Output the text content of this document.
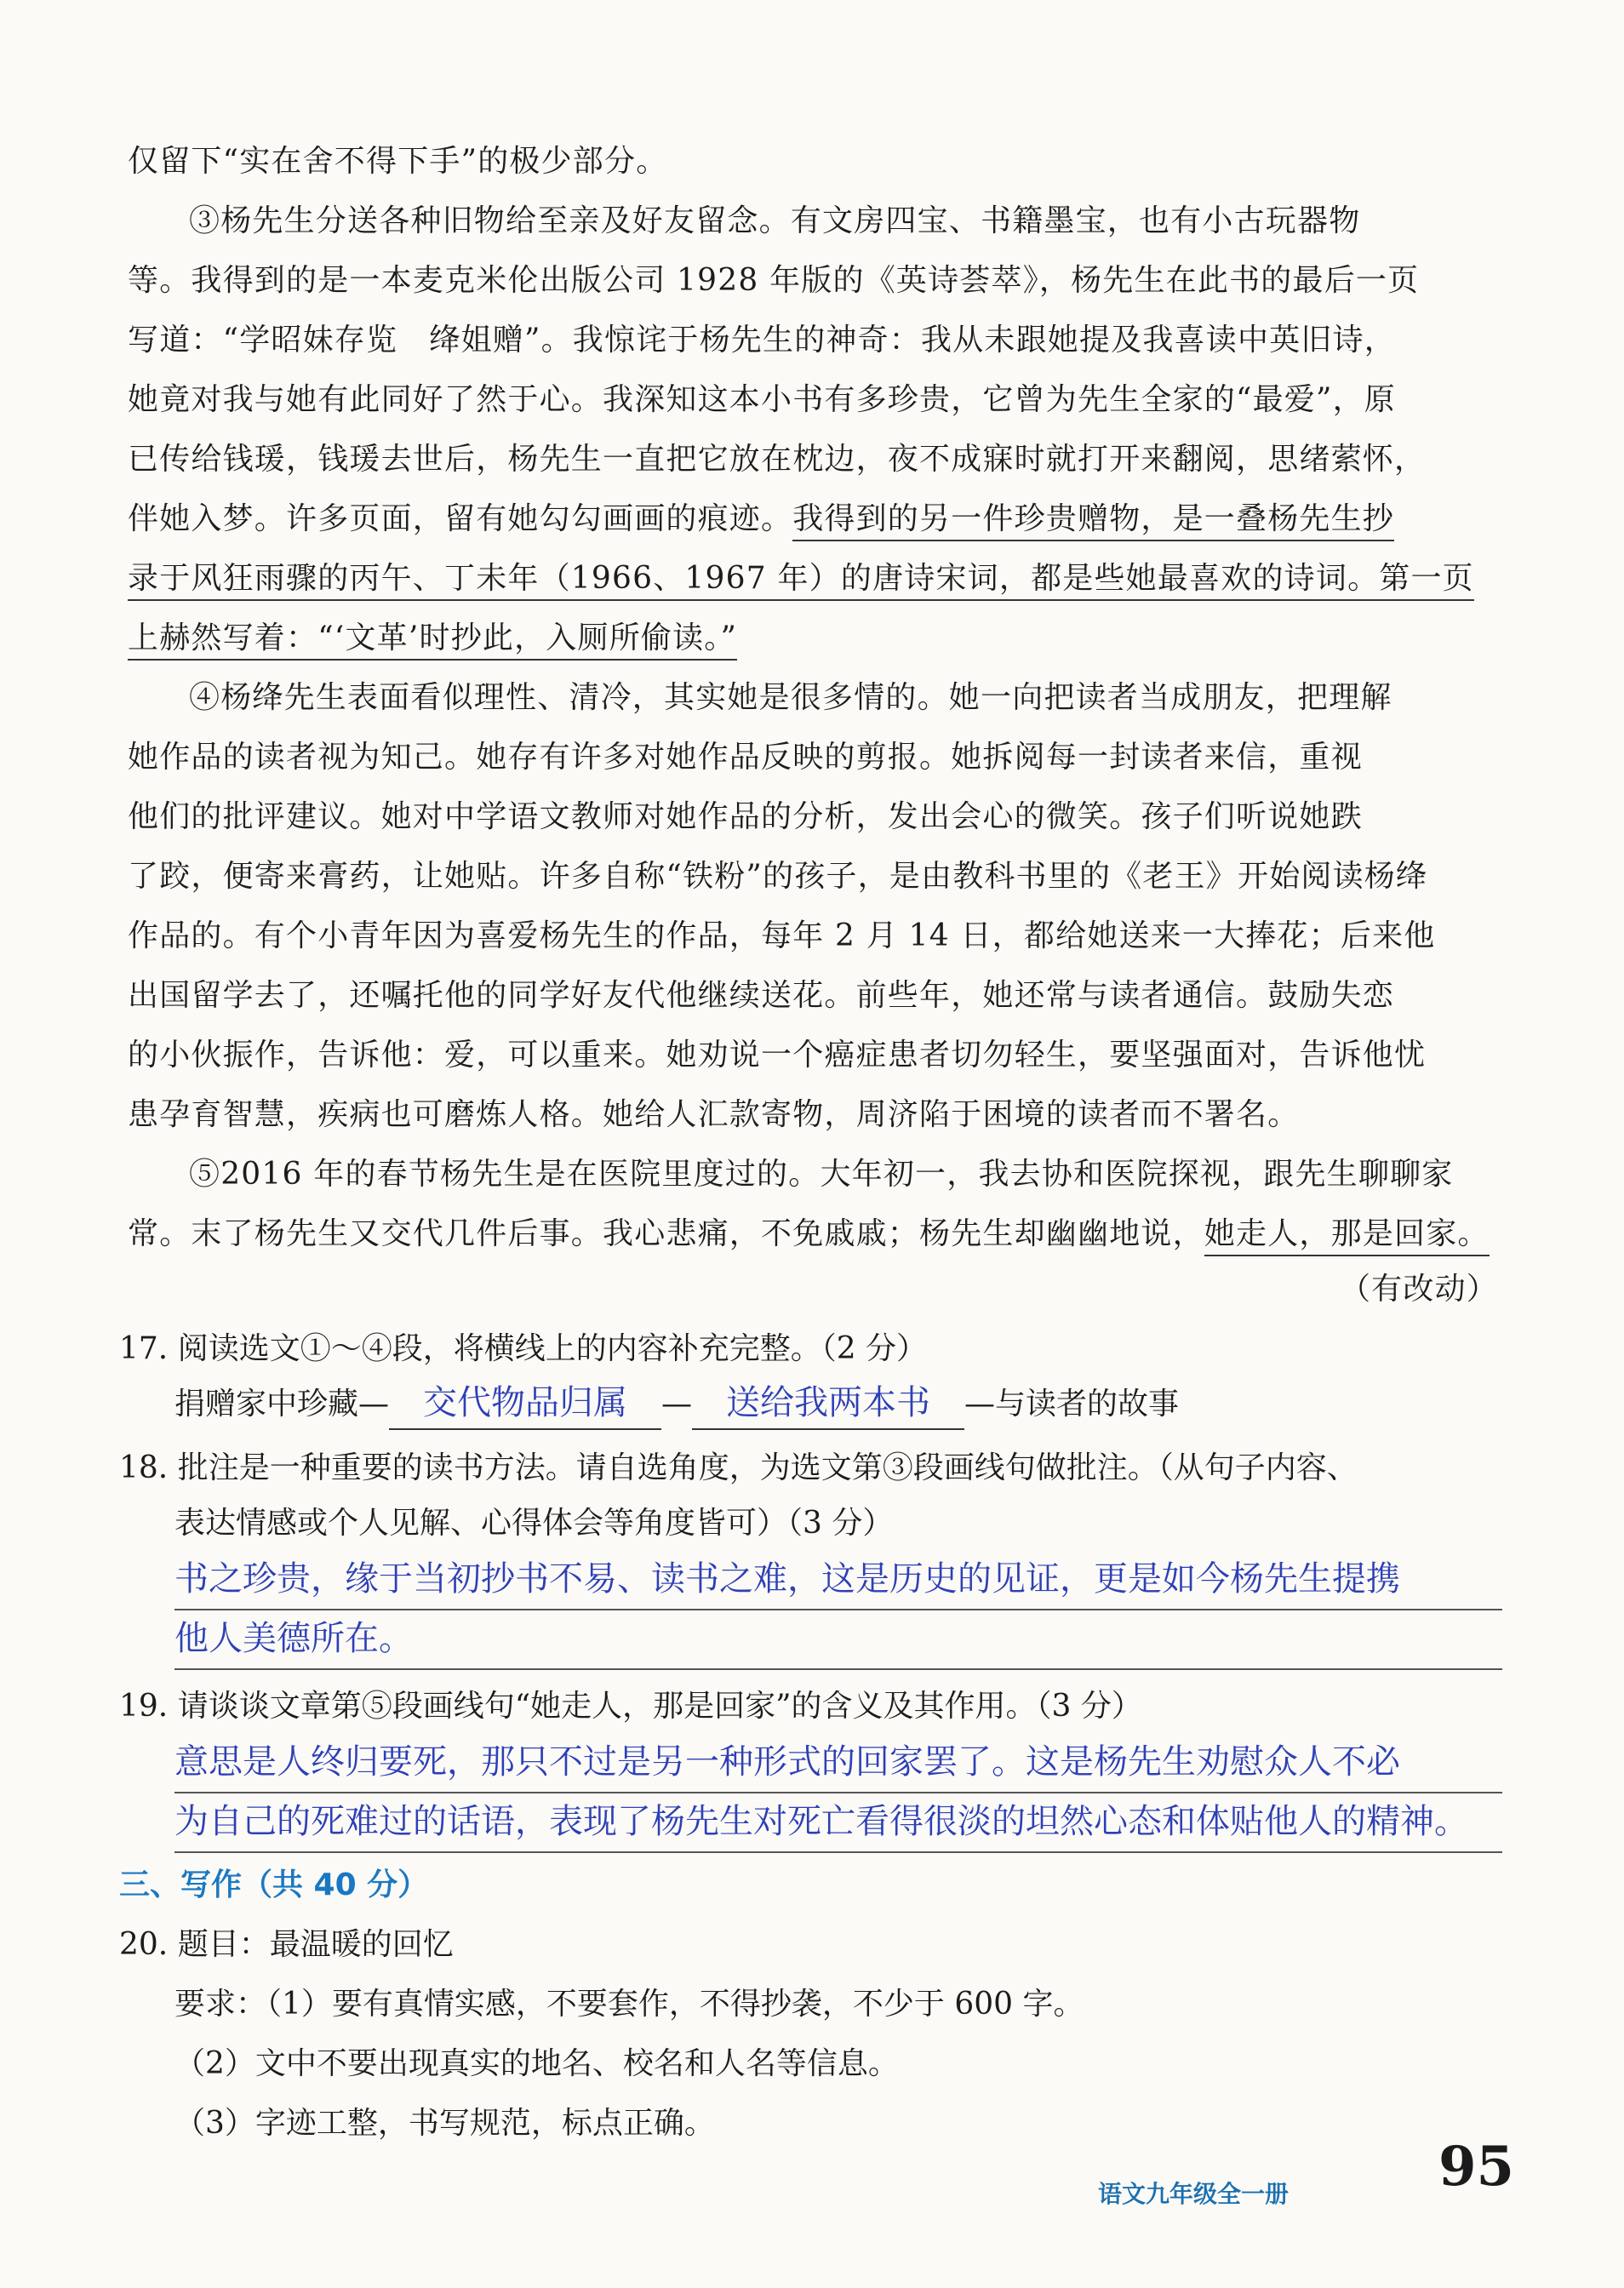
仅留下“实在舍不得下手”的极少部分。
③杨先生分送各种旧物给至亲及好友留念。有文房四宝、书籍墨宝，也有小古玩器物
等。我得到的是一本麦克米伦出版公司 1928 年版的《英诗荟萃》，杨先生在此书的最后一页
写道：“学昭妹存览　绛姐赠”。我惊诧于杨先生的神奇：我从未跟她提及我喜读中英旧诗，
她竟对我与她有此同好了然于心。我深知这本小书有多珍贵，它曾为先生全家的“最爱”，原
已传给钱瑗，钱瑗去世后，杨先生一直把它放在枕边，夜不成寐时就打开来翻阅，思绪萦怀，
伴她入梦。许多页面，留有她勾勾画画的痕迹。我得到的另一件珍贵赠物，是一叠杨先生抄
录于风狂雨骤的丙午、丁未年（1966、1967 年）的唐诗宋词，都是些她最喜欢的诗词。第一页
上赫然写着：“‘文革’时抄此，入厕所偷读。”
④杨绛先生表面看似理性、清冷，其实她是很多情的。她一向把读者当成朋友，把理解
她作品的读者视为知己。她存有许多对她作品反映的剪报。她拆阅每一封读者来信，重视
他们的批评建议。她对中学语文教师对她作品的分析，发出会心的微笑。孩子们听说她跌
了跤，便寄来膏药，让她贴。许多自称“铁粉”的孩子，是由教科书里的《老王》开始阅读杨绛
作品的。有个小青年因为喜爱杨先生的作品，每年 2 月 14 日，都给她送来一大捧花；后来他
出国留学去了，还嘱托他的同学好友代他继续送花。前些年，她还常与读者通信。鼓励失恋
的小伙振作，告诉他：爱，可以重来。她劝说一个癌症患者切勿轻生，要坚强面对，告诉他忧
患孕育智慧，疾病也可磨炼人格。她给人汇款寄物，周济陷于困境的读者而不署名。
⑤2016 年的春节杨先生是在医院里度过的。大年初一，我去协和医院探视，跟先生聊聊家
常。末了杨先生又交代几件后事。我心悲痛，不免戚戚；杨先生却幽幽地说，她走人，那是回家。
（有改动）
17. 阅读选文①～④段，将横线上的内容补充完整。（2 分）
捐赠家中珍藏— 交代物品归属 — 送给我两本书 —与读者的故事
18. 批注是一种重要的读书方法。请自选角度，为选文第③段画线句做批注。（从句子内容、
表达情感或个人见解、心得体会等角度皆可）（3 分）
书之珍贵，缘于当初抄书不易、读书之难，这是历史的见证，更是如今杨先生提携
他人美德所在。
19. 请谈谈文章第⑤段画线句“她走人，那是回家”的含义及其作用。（3 分）
意思是人终归要死，那只不过是另一种形式的回家罢了。这是杨先生劝慰众人不必
为自己的死难过的话语，表现了杨先生对死亡看得很淡的坦然心态和体贴他人的精神。
三、写作（共 40 分）
20. 题目：最温暖的回忆
要求：（1）要有真情实感，不要套作，不得抄袭，不少于 600 字。
（2）文中不要出现真实的地名、校名和人名等信息。
（3）字迹工整，书写规范，标点正确。
语文九年级全一册	95
